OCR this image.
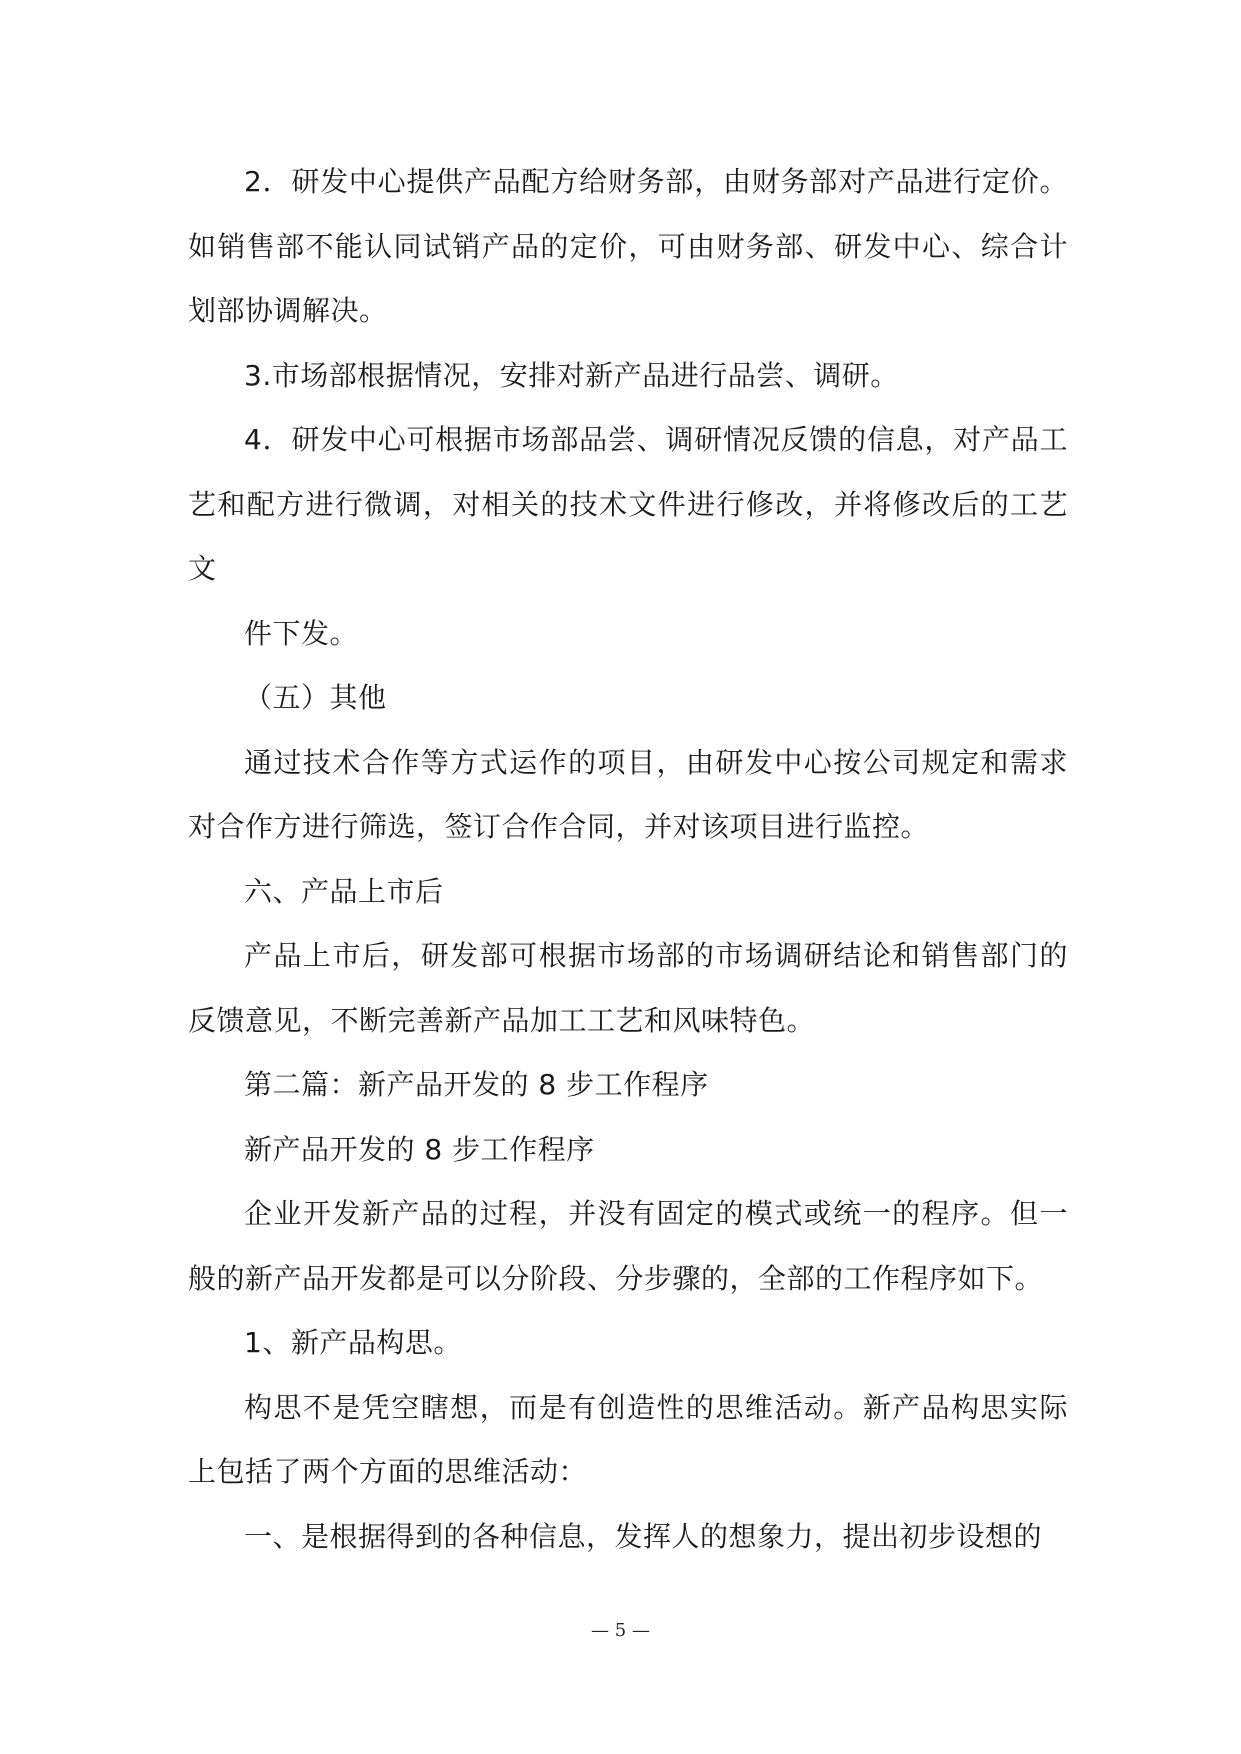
2．研发中心提供产品配方给财务部，由财务部对产品进行定价。如销售部不能认同试销产品的定价，可由财务部、研发中心、综合计划部协调解决。

3.市场部根据情况，安排对新产品进行品尝、调研。

4．研发中心可根据市场部品尝、调研情况反馈的信息，对产品工艺和配方进行微调，对相关的技术文件进行修改，并将修改后的工艺文

件下发。

（五）其他

通过技术合作等方式运作的项目，由研发中心按公司规定和需求对合作方进行筛选，签订合作合同，并对该项目进行监控。

六、产品上市后

产品上市后，研发部可根据市场部的市场调研结论和销售部门的反馈意见，不断完善新产品加工工艺和风味特色。

第二篇：新产品开发的 8 步工作程序

新产品开发的 8 步工作程序

企业开发新产品的过程，并没有固定的模式或统一的程序。但一般的新产品开发都是可以分阶段、分步骤的，全部的工作程序如下。

1、新产品构思。

构思不是凭空瞎想，而是有创造性的思维活动。新产品构思实际上包括了两个方面的思维活动：

一、是根据得到的各种信息，发挥人的想象力，提出初步设想的

— 5 —
